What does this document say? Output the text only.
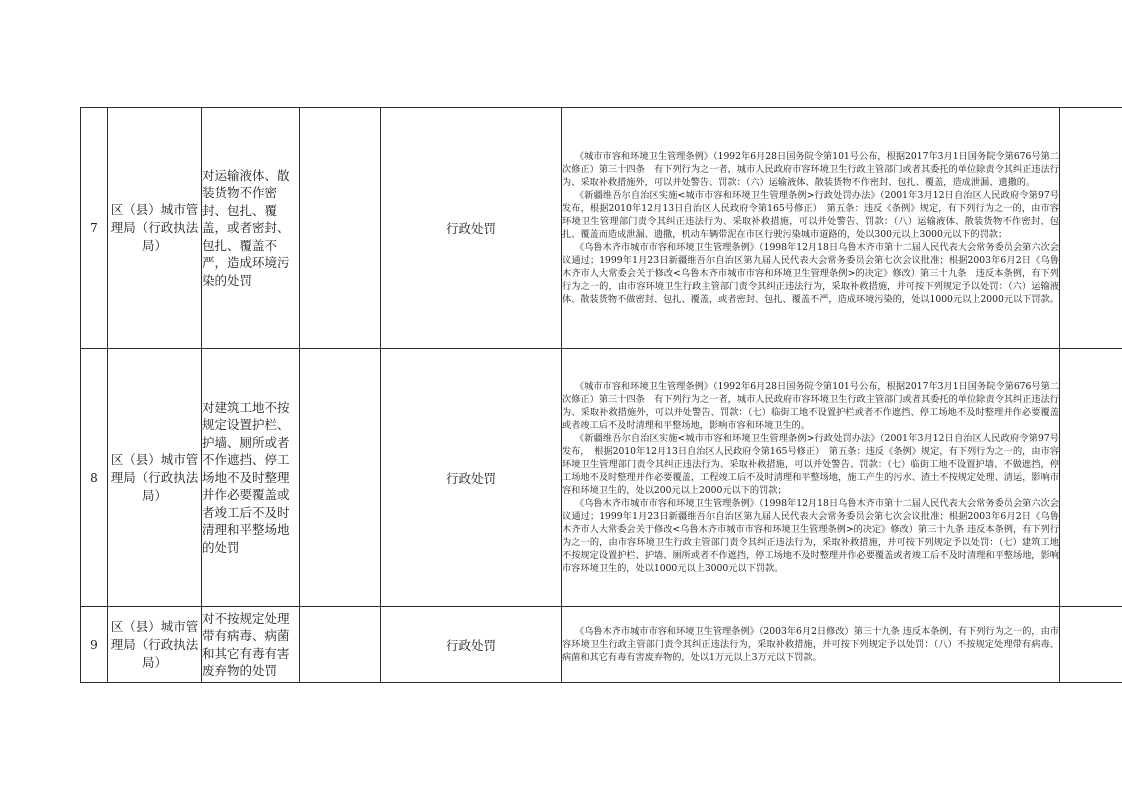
7	区（县）城市管理局（行政执法局）	对运输液体、散装货物不作密封、包扎、覆盖，或者密封、包扎、覆盖不严，造成环境污染的处罚		行政处罚	《城市市容和环境卫生管理条例》（1992年6月28日国务院令第101号公布，根据2017年3月1日国务院令第676号第二次修正）第三十四条　有下列行为之一者，城市人民政府市容环境卫生行政主管部门或者其委托的单位除责令其纠正违法行为、采取补救措施外，可以并处警告、罚款：（六）运输液体、散装货物不作密封、包扎、覆盖，造成泄漏、遗撒的。

《新疆维吾尔自治区实施<城市市容和环境卫生管理条例>行政处罚办法》（2001年3月12日自治区人民政府令第97号发布，根据2010年12月13日自治区人民政府令第165号修正）　第五条：违反《条例》规定，有下列行为之一的，由市容环境卫生管理部门责令其纠正违法行为、采取补救措施，可以并处警告、罚款：（八）运输液体、散装货物不作密封、包扎、覆盖而造成泄漏、遗撒，机动车辆带泥在市区行驶污染城市道路的，处以300元以上3000元以下的罚款；

《乌鲁木齐市城市市容和环境卫生管理条例》（1998年12月18日乌鲁木齐市第十二届人民代表大会常务委员会第六次会议通过；1999年1月23日新疆维吾尔自治区第九届人民代表大会常务委员会第七次会议批准；根据2003年6月2日《乌鲁木齐市人大常委会关于修改<乌鲁木齐市城市市容和环境卫生管理条例>的决定》修改）第三十九条　违反本条例，有下列行为之一的，由市容环境卫生行政主管部门责令其纠正违法行为，采取补救措施，并可按下列规定予以处罚：（六）运输液体、散装货物不做密封、包扎、覆盖，或者密封、包扎、覆盖不严，造成环境污染的，处以1000元以上2000元以下罚款。	

8	区（县）城市管理局（行政执法局）	对建筑工地不按规定设置护栏、护墙、厕所或者不作遮挡、停工场地不及时整理并作必要覆盖或者竣工后不及时清理和平整场地的处罚		行政处罚	《城市市容和环境卫生管理条例》（1992年6月28日国务院令第101号公布，根据2017年3月1日国务院令第676号第二次修正）第三十四条　有下列行为之一者，城市人民政府市容环境卫生行政主管部门或者其委托的单位除责令其纠正违法行为、采取补救措施外，可以并处警告、罚款：（七）临街工地不设置护栏或者不作遮挡、停工场地不及时整理并作必要覆盖或者竣工后不及时清理和平整场地，影响市容和环境卫生的。

《新疆维吾尔自治区实施<城市市容和环境卫生管理条例>行政处罚办法》（2001年3月12日自治区人民政府令第97号发布，　根据2010年12月13日自治区人民政府令第165号修正）　第五条：违反《条例》规定，有下列行为之一的，由市容环境卫生管理部门责令其纠正违法行为、采取补救措施，可以并处警告、罚款：（七）临街工地不设置护墙、不做遮挡，停工场地不及时整理并作必要覆盖，工程竣工后不及时清理和平整场地，施工产生的污水、渣土不按规定处理、清运，影响市容和环境卫生的，处以200元以上2000元以下的罚款；

《乌鲁木齐市城市市容和环境卫生管理条例》（1998年12月18日乌鲁木齐市第十二届人民代表大会常务委员会第六次会议通过；1999年1月23日新疆维吾尔自治区第九届人民代表大会常务委员会第七次会议批准；根据2003年6月2日《乌鲁木齐市人大常委会关于修改<乌鲁木齐市城市市容和环境卫生管理条例>的决定》修改）第三十九条 违反本条例，有下列行为之一的，由市容环境卫生行政主管部门责令其纠正违法行为，采取补救措施，并可按下列规定予以处罚：（七）建筑工地不按规定设置护栏、护墙、厕所或者不作遮挡，停工场地不及时整理并作必要覆盖或者竣工后不及时清理和平整场地，影响市容环境卫生的，处以1000元以上3000元以下罚款。	

9	区（县）城市管理局（行政执法局）	对不按规定处理带有病毒、病菌和其它有毒有害废弃物的处罚		行政处罚	《乌鲁木齐市城市市容和环境卫生管理条例》（2003年6月2日修改）第三十九条 违反本条例，有下列行为之一的，由市容环境卫生行政主管部门责令其纠正违法行为，采取补救措施，并可按下列规定予以处罚：（八）不按规定处理带有病毒、病菌和其它有毒有害废弃物的，处以1万元以上3万元以下罚款。	
